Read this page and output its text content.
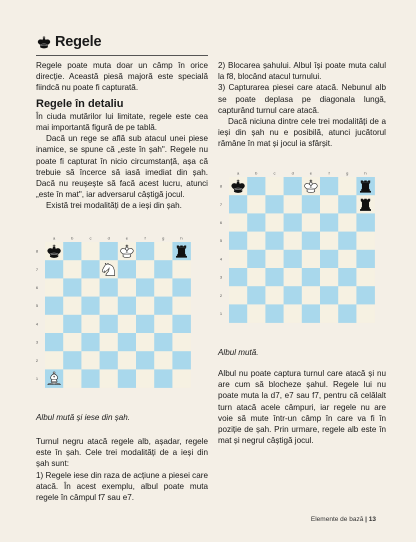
Regele

Regele poate muta doar un câmp în orice direcție. Această piesă majoră este specială fiindcă nu poate fi capturată.

Regele în detaliu

În ciuda mutărilor lui limitate, regele este cea mai importantă figură de pe tablă.

Dacă un rege se află sub atacul unei piese inamice, se spune că „este în șah". Regele nu poate fi capturat în niciо circumstanță, așa că trebuie să încerce să iasă imediat din șah. Dacă nu reușește să facă acest lucru, atunci „este în mat", iar adversarul câștigă jocul.

Există trei modalități de a ieși din șah.

a	b	c	d	e	f	g	h
8
7
6
5
4
3
2
1
Albul mută și iese din șah.

Turnul negru atacă regele alb, așadar, regele este în șah. Cele trei modalități de a ieși din șah sunt:

1) Regele iese din raza de acțiune a piesei care atacă. În acest exemplu, albul poate muta regele în câmpul f7 sau e7.

2) Blocarea șahului. Albul își poate muta calul la f8, blocând atacul turnului.

3) Capturarea piesei care atacă. Nebunul alb se poate deplasa pe diagonala lungă, capturând turnul care atacă.

Dacă niciuna dintre cele trei modalități de a ieși din șah nu e posibilă, atunci jucătorul rămâne în mat și jocul ia sfârșit.

a	b	c	d	e	f	g	h
8
7
6
5
4
3
2
1
Albul mută.

Albul nu poate captura turnul care atacă și nu are cum să blocheze șahul. Regele lui nu poate muta la d7, e7 sau f7, pentru că celălalt turn atacă acele câmpuri, iar regele nu are voie să mute într-un câmp în care va fi în poziție de șah. Prin urmare, regele alb este în mat și negrul câștigă jocul.

Elemente de bază | 13
